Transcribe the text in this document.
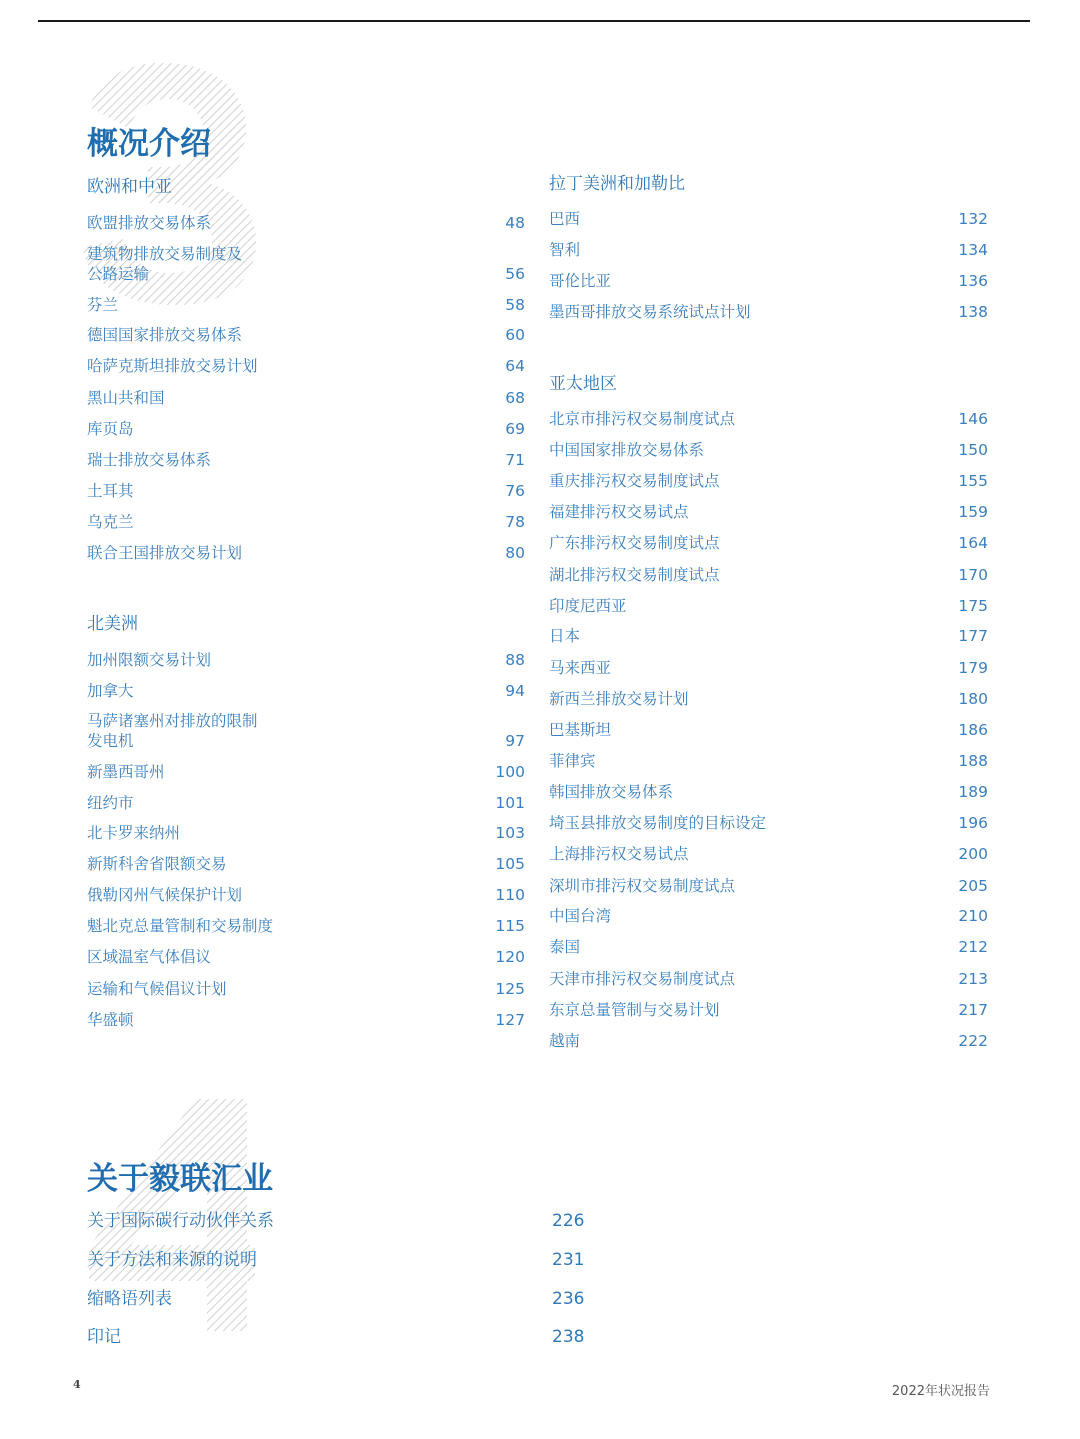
概况介绍
欧洲和中亚
欧盟排放交易体系	48
建筑物排放交易制度及
公路运输	56
芬兰	58
德国国家排放交易体系	60
哈萨克斯坦排放交易计划	64
黑山共和国	68
库页岛	69
瑞士排放交易体系	71
土耳其	76
乌克兰	78
联合王国排放交易计划	80
北美洲
加州限额交易计划	88
加拿大	94
马萨诸塞州对排放的限制
发电机	97
新墨西哥州	100
纽约市	101
北卡罗来纳州	103
新斯科舍省限额交易	105
俄勒冈州气候保护计划	110
魁北克总量管制和交易制度	115
区域温室气体倡议	120
运输和气候倡议计划	125
华盛顿	127
拉丁美洲和加勒比
巴西	132
智利	134
哥伦比亚	136
墨西哥排放交易系统试点计划	138
亚太地区
北京市排污权交易制度试点	146
中国国家排放交易体系	150
重庆排污权交易制度试点	155
福建排污权交易试点	159
广东排污权交易制度试点	164
湖北排污权交易制度试点	170
印度尼西亚	175
日本	177
马来西亚	179
新西兰排放交易计划	180
巴基斯坦	186
菲律宾	188
韩国排放交易体系	189
埼玉县排放交易制度的目标设定	196
上海排污权交易试点	200
深圳市排污权交易制度试点	205
中国台湾	210
泰国	212
天津市排污权交易制度试点	213
东京总量管制与交易计划	217
越南	222
关于毅联汇业
关于国际碳行动伙伴关系	226
关于方法和来源的说明	231
缩略语列表	236
印记	238
4	2022年状况报告
